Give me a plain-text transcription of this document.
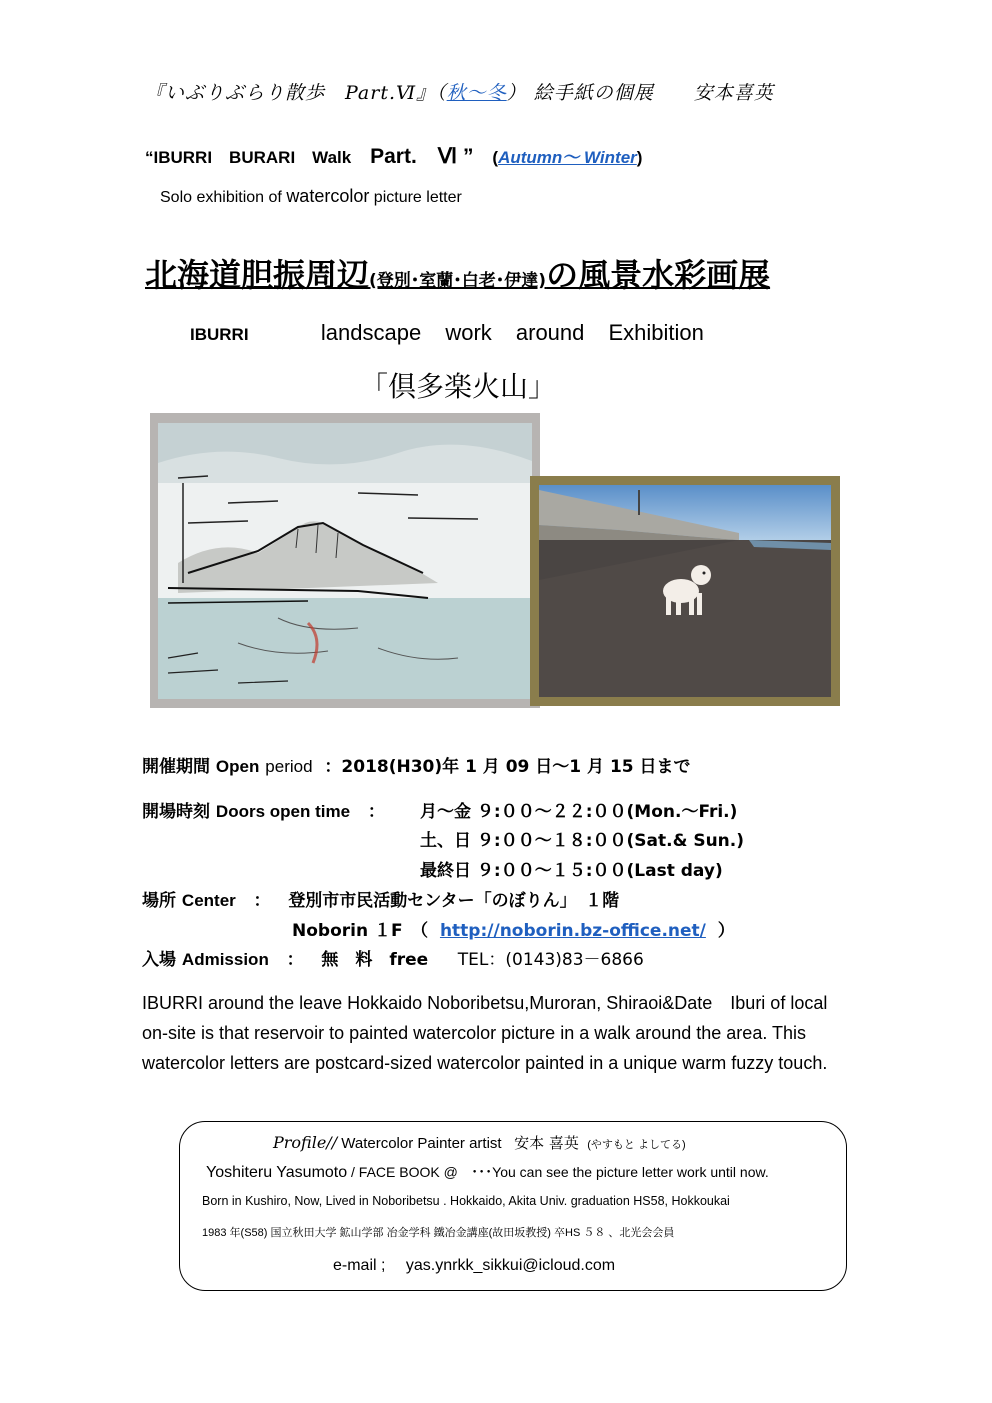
『いぶりぶらり散歩　Part.Ⅵ』（秋～冬） 絵手紙の個展　　安本喜英
“IBURRI　BURARI　Walk Part.　Ⅵ ” (Autumn～ Winter)
Solo exhibition of watercolor picture letter
北海道胆振周辺(登別･室蘭･白老･伊達)の風景水彩画展
IBURRI	landscape work around Exhibition
「倶多楽火山」
開催期間 Open period ：2018(H30)年 1 月 09 日～1 月 15 日まで
開場時刻 Doors open time ： 月～金 ９:００～２２:００(Mon.～Fri.)
土、日 ９:００～１８:００(Sat.& Sun.)
最終日 ９:００～１５:００(Last day)
場所 Center ： 登別市市民活動センター「のぼりん」　１階
Noborin １F　（ http://noborin.bz-office.net/ ）
入場 Admission ： 無　料　free TEL：(0143)83－6866
IBURRI around the leave Hokkaido Noboribetsu,Muroran, Shiraoi&Date　Iburi of local on-site is that reservoir to painted watercolor picture in a walk around the area. This watercolor letters are postcard-sized watercolor painted in a unique warm fuzzy touch.
Profile// Watercolor Painter artist 安本 喜英 (やすもと よしてる)
Yoshiteru Yasumoto / FACE BOOK @ ･･･You can see the picture letter work until now.
Born in Kushiro, Now, Lived in Noboribetsu . Hokkaido, Akita Univ. graduation HS58, Hokkoukai
1983 年(S58) 国立秋田大学 鉱山学部 冶金学科 鐵冶金講座(故田坂教授) 卒HS ５８ 、北光会会員
e-mail ;　 yas.ynrkk_sikkui@icloud.com
